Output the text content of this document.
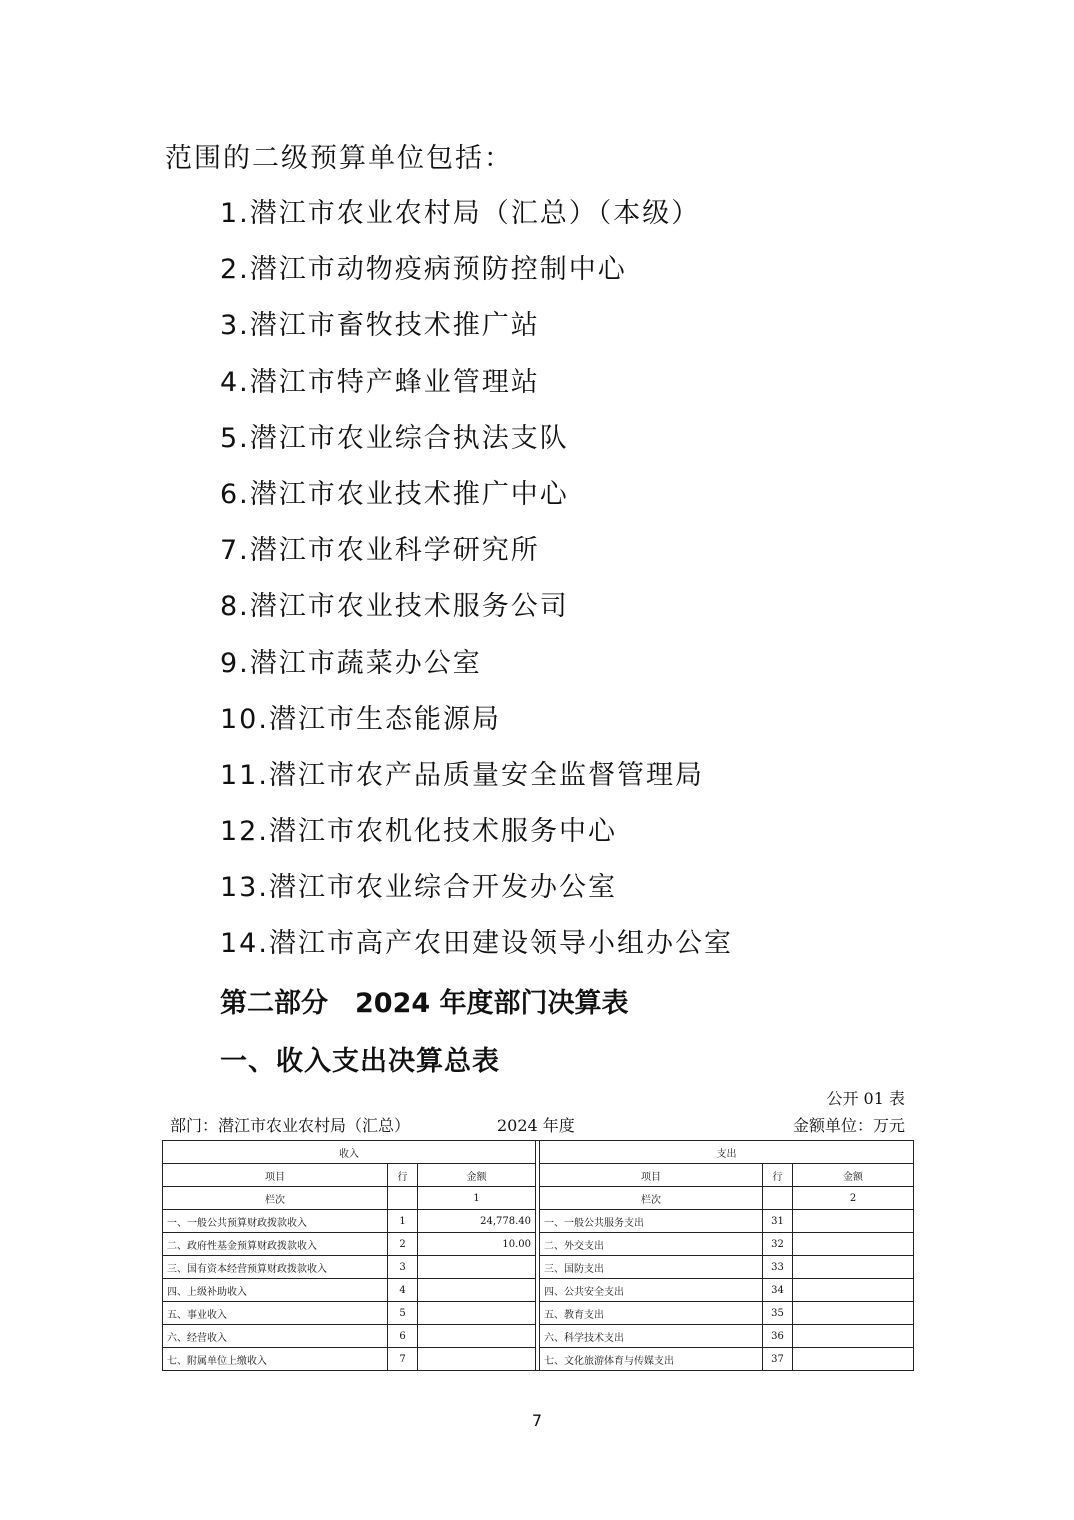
范围的二级预算单位包括：

1.潜江市农业农村局（汇总）（本级）
2.潜江市动物疫病预防控制中心
3.潜江市畜牧技术推广站
4.潜江市特产蜂业管理站
5.潜江市农业综合执法支队
6.潜江市农业技术推广中心
7.潜江市农业科学研究所
8.潜江市农业技术服务公司
9.潜江市蔬菜办公室
10.潜江市生态能源局
11.潜江市农产品质量安全监督管理局
12.潜江市农机化技术服务中心
13.潜江市农业综合开发办公室
14.潜江市高产农田建设领导小组办公室
第二部分　2024 年度部门决算表
一、收入支出决算总表
公开 01 表
部门：潜江市农业农村局（汇总）	2024 年度	金额单位：万元
收入				支出		
项目	行	金额		项目	行	金额
栏次		1		栏次		2
一、一般公共预算财政拨款收入	1	24,778.40		一、一般公共服务支出	31	
二、政府性基金预算财政拨款收入	2	10.00		二、外交支出	32	
三、国有资本经营预算财政拨款收入	3			三、国防支出	33	
四、上级补助收入	4			四、公共安全支出	34	
五、事业收入	5			五、教育支出	35	
六、经营收入	6			六、科学技术支出	36	
七、附属单位上缴收入	7			七、文化旅游体育与传媒支出	37	
7
